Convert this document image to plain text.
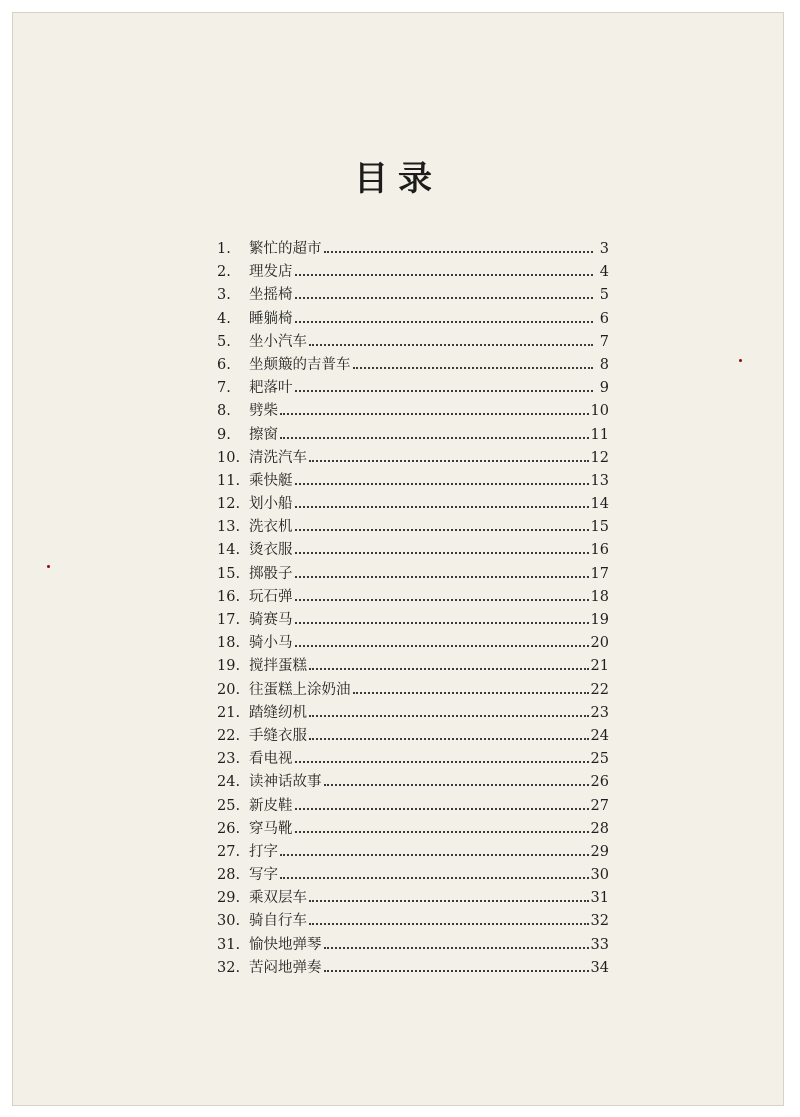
目录
1.	繁忙的超市	3
2.	理发店	4
3.	坐摇椅	5
4.	睡躺椅	6
5.	坐小汽车	7
6.	坐颠簸的吉普车	8
7.	耙落叶	9
8.	劈柴	10
9.	擦窗	11
10. 清洗汽车	12
11. 乘快艇	13
12. 划小船	14
13. 洗衣机	15
14. 烫衣服	16
15. 掷骰子	17
16. 玩石弹	18
17. 骑赛马	19
18. 骑小马	20
19. 搅拌蛋糕	21
20. 往蛋糕上涂奶油	22
21. 踏缝纫机	23
22. 手缝衣服	24
23. 看电视	25
24. 读神话故事	26
25. 新皮鞋	27
26. 穿马靴	28
27. 打字	29
28. 写字	30
29. 乘双层车	31
30. 骑自行车	32
31. 愉快地弹琴	33
32. 苦闷地弹奏	34
